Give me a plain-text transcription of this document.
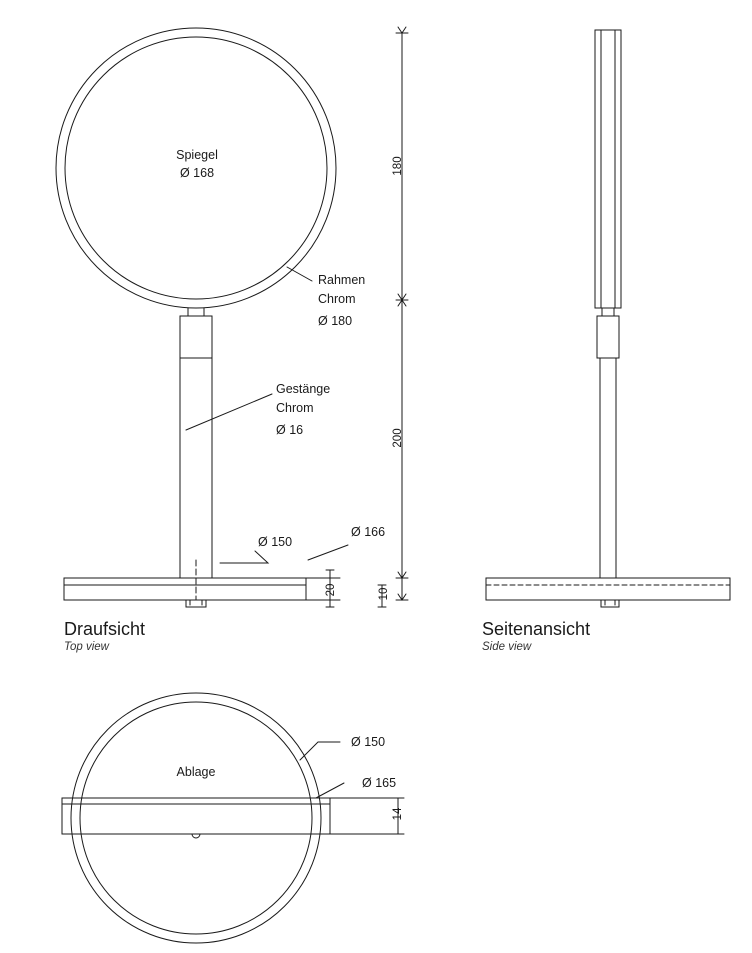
Spiegel
Ø 168
Rahmen
Chrom
Ø 180
Gestänge
Chrom
Ø 16
Ø 150
Ø 166
180
200
20	10
14
Draufsicht
Top view
Seitenansicht
Side view
Ablage
Ø 150
Ø 165
